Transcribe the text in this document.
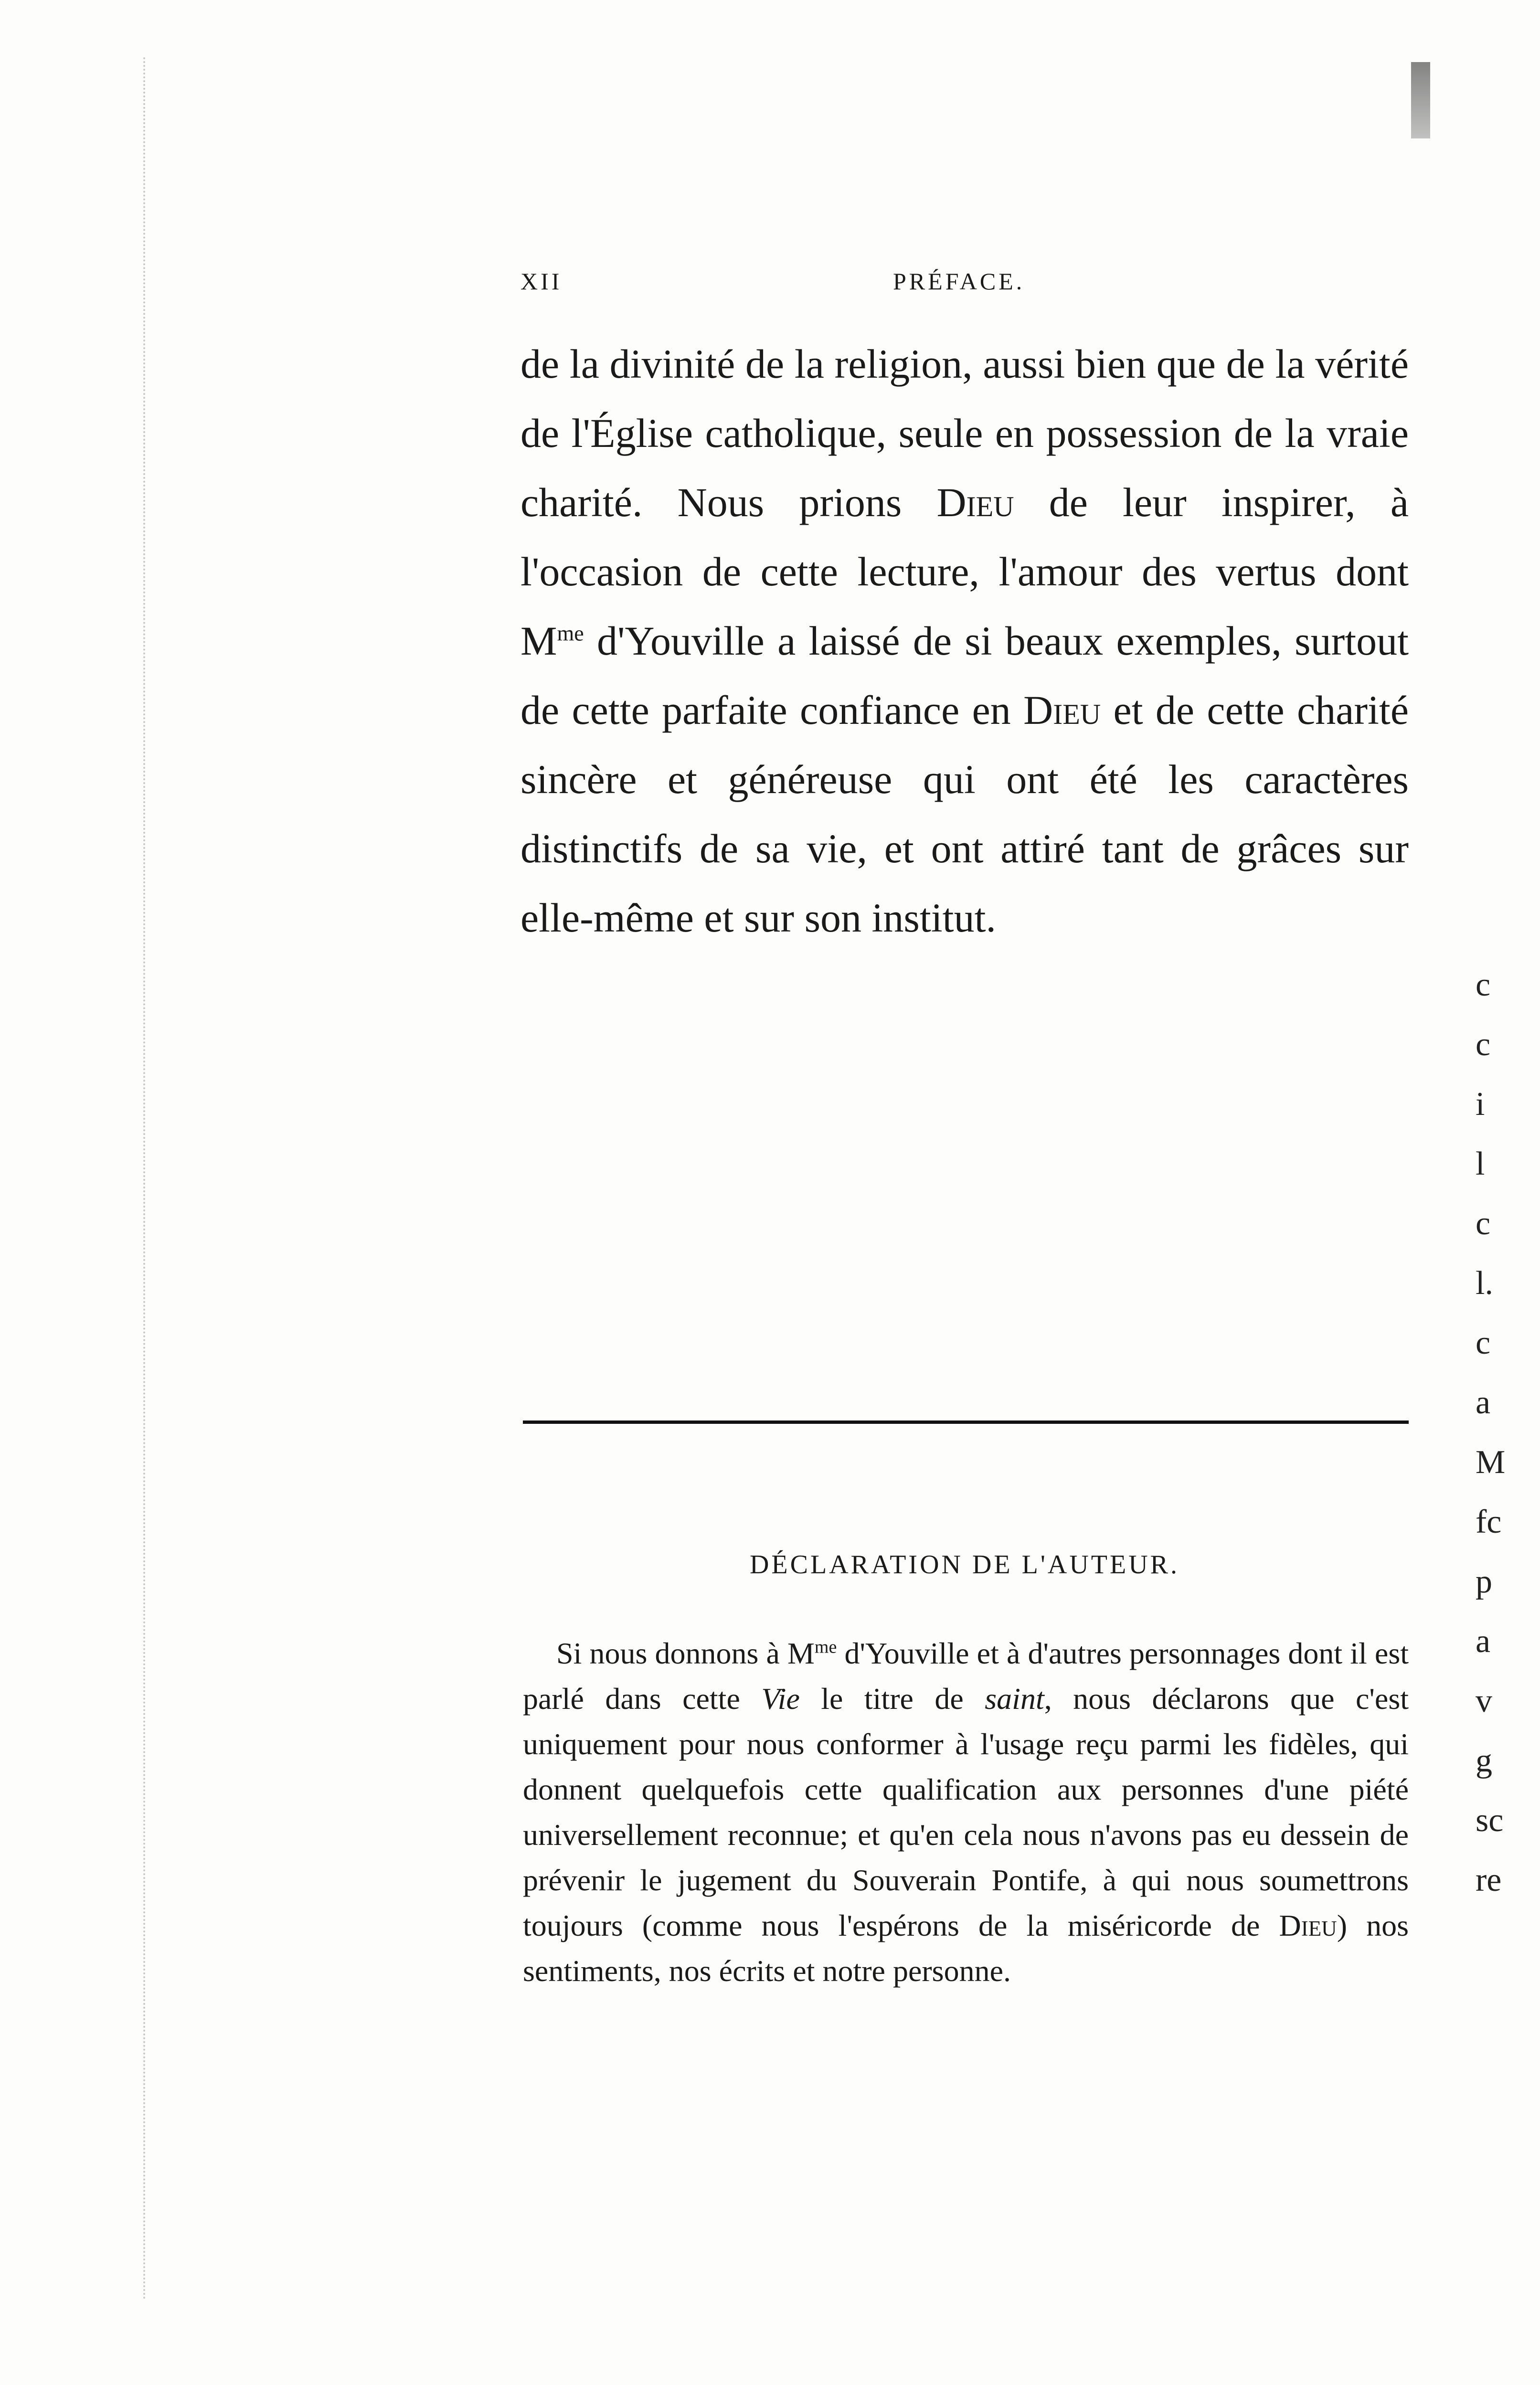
XII	PRÉFACE.
de la divinité de la religion, aussi bien que de la vérité de l'Église catholique, seule en possession de la vraie charité. Nous prions Dieu de leur inspirer, à l'occasion de cette lecture, l'amour des vertus dont $M^{me}$ d'Youville a laissé de si beaux exemples, surtout de cette parfaite confiance en Dieu et de cette charité sincère et généreuse qui ont été les caractères distinctifs de sa vie, et ont attiré tant de grâces sur elle-même et sur son institut.
DÉCLARATION DE L'AUTEUR.
Si nous donnons à $M^{me}$ d'Youville et à d'autres personnages dont il est parlé dans cette Vie le titre de saint, nous déclarons que c'est uniquement pour nous conformer à l'usage reçu parmi les fidèles, qui donnent quelquefois cette qualification aux personnes d'une piété universellement reconnue; et qu'en cela nous n'avons pas eu dessein de prévenir le jugement du Souverain Pontife, à qui nous soumettrons toujours (comme nous l'espérons de la miséricorde de Dieu) nos sentiments, nos écrits et notre personne.
c
c
i
l
c
l.
c
a
M
fc
p
a
v
g
sc
re
